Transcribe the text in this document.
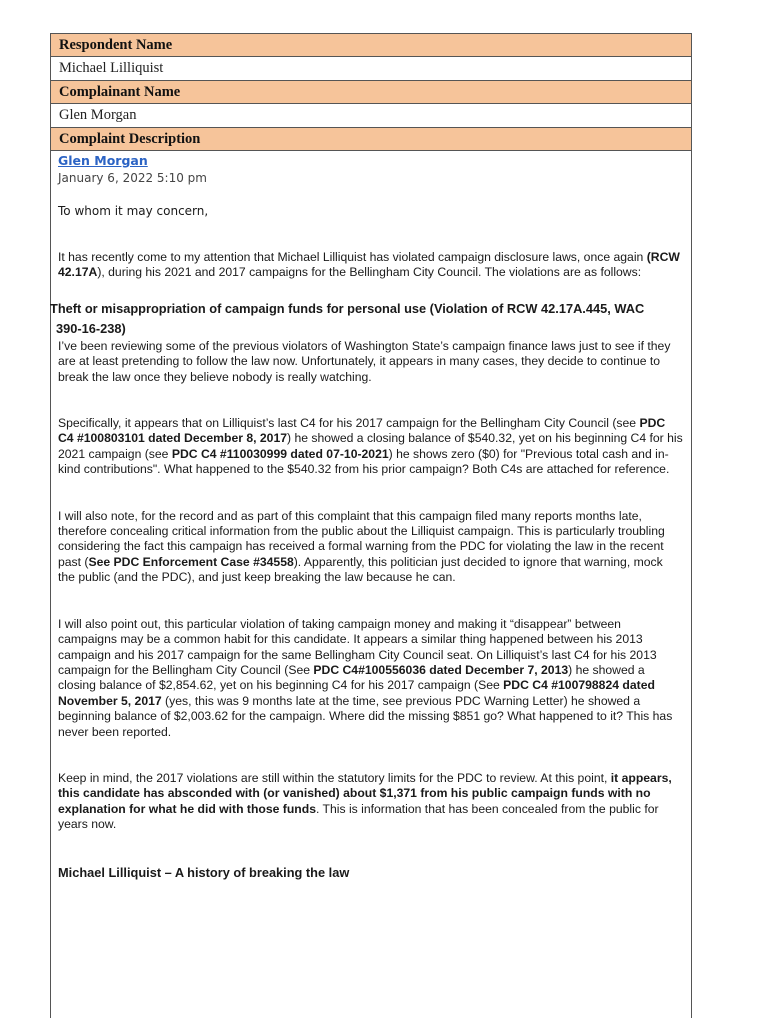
Respondent Name
Michael Lilliquist
Complainant Name
Glen Morgan
Complaint Description
Glen Morgan
January 6, 2022 5:10 pm
To whom it may concern,

It has recently come to my attention that Michael Lilliquist has violated campaign disclosure laws, once again (RCW 42.17A), during his 2021 and 2017 campaigns for the Bellingham City Council. The violations are as follows:

Theft or misappropriation of campaign funds for personal use (Violation of RCW 42.17A.445, WAC
390-16-238)

I’ve been reviewing some of the previous violators of Washington State’s campaign finance laws just to see if they are at least pretending to follow the law now. Unfortunately, it appears in many cases, they decide to continue to break the law once they believe nobody is really watching.

Specifically, it appears that on Lilliquist’s last C4 for his 2017 campaign for the Bellingham City Council (see PDC C4 #100803101 dated December 8, 2017) he showed a closing balance of $540.32, yet on his beginning C4 for his 2021 campaign (see PDC C4 #110030999 dated 07-10-2021) he shows zero ($0) for "Previous total cash and in-kind contributions". What happened to the $540.32 from his prior campaign? Both C4s are attached for reference.

I will also note, for the record and as part of this complaint that this campaign filed many reports months late, therefore concealing critical information from the public about the Lilliquist campaign. This is particularly troubling considering the fact this campaign has received a formal warning from the PDC for violating the law in the recent past (See PDC Enforcement Case #34558). Apparently, this politician just decided to ignore that warning, mock the public (and the PDC), and just keep breaking the law because he can.

I will also point out, this particular violation of taking campaign money and making it “disappear” between campaigns may be a common habit for this candidate. It appears a similar thing happened between his 2013 campaign and his 2017 campaign for the same Bellingham City Council seat. On Lilliquist’s last C4 for his 2013 campaign for the Bellingham City Council (See PDC C4#100556036 dated December 7, 2013) he showed a closing balance of $2,854.62, yet on his beginning C4 for his 2017 campaign (See PDC C4 #100798824 dated November 5, 2017 (yes, this was 9 months late at the time, see previous PDC Warning Letter) he showed a beginning balance of $2,003.62 for the campaign. Where did the missing $851 go? What happened to it? This has never been reported.

Keep in mind, the 2017 violations are still within the statutory limits for the PDC to review. At this point, it appears, this candidate has absconded with (or vanished) about $1,371 from his public campaign funds with no explanation for what he did with those funds. This is information that has been concealed from the public for years now.

Michael Lilliquist – A history of breaking the law
